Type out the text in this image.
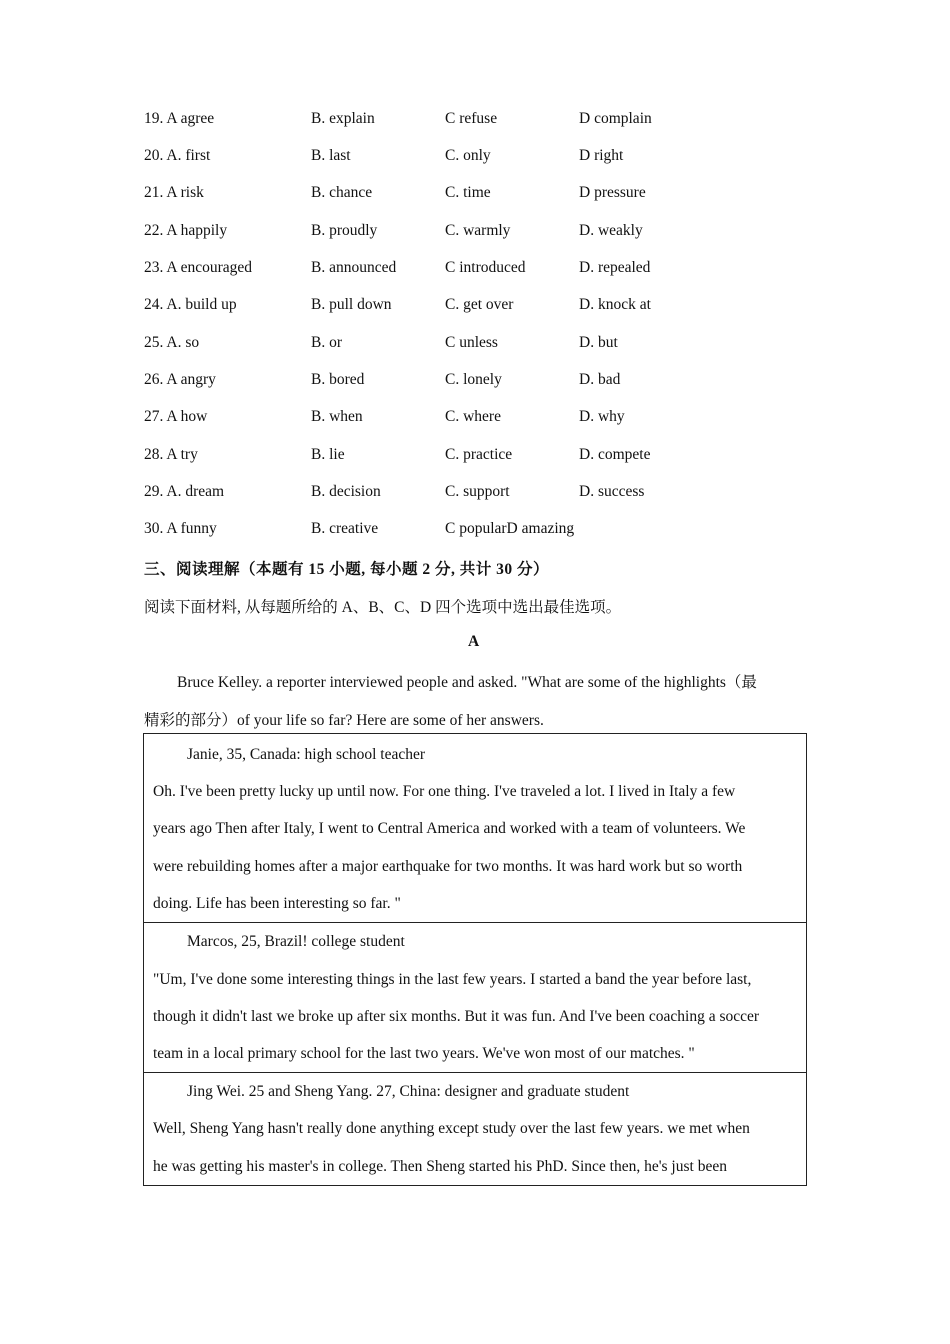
19. A agree	B. explain	C refuse	D complain
20. A. first	B. last	C. only	D right
21. A risk	B. chance	C. time	D pressure
22. A happily	B. proudly	C. warmly	D. weakly
23. A encouraged	B. announced	C introduced	D. repealed
24. A. build up	B. pull down	C. get over	D. knock at
25. A. so	B. or	C unless	D. but
26. A angry	B. bored	C. lonely	D. bad
27. A how	B. when	C. where	D. why
28. A try	B. lie	C. practice	D. compete
29. A. dream	B. decision	C. support	D. success
30. A funny	B. creative	C popularD amazing
三、阅读理解（本题有 15 小题, 每小题 2 分, 共计 30 分）
阅读下面材料, 从每题所给的 A、B、C、D 四个选项中选出最佳选项。
A
Bruce Kelley. a reporter interviewed people and asked. "What are some of the highlights（最
精彩的部分）of your life so far? Here are some of her answers.
Janie, 35, Canada: high school teacher
Oh. I've been pretty lucky up until now. For one thing. I've traveled a lot. I lived in Italy a few
years ago Then after Italy, I went to Central America and worked with a team of volunteers. We
were rebuilding homes after a major earthquake for two months. It was hard work but so worth
doing. Life has been interesting so far. "
Marcos, 25, Brazil! college student
"Um, I've done some interesting things in the last few years. I started a band the year before last,
though it didn't last we broke up after six months. But it was fun. And I've been coaching a soccer
team in a local primary school for the last two years. We've won most of our matches. "
Jing Wei. 25 and Sheng Yang. 27, China: designer and graduate student
Well, Sheng Yang hasn't really done anything except study over the last few years. we met when
he was getting his master's in college. Then Sheng started his PhD. Since then, he's just been
